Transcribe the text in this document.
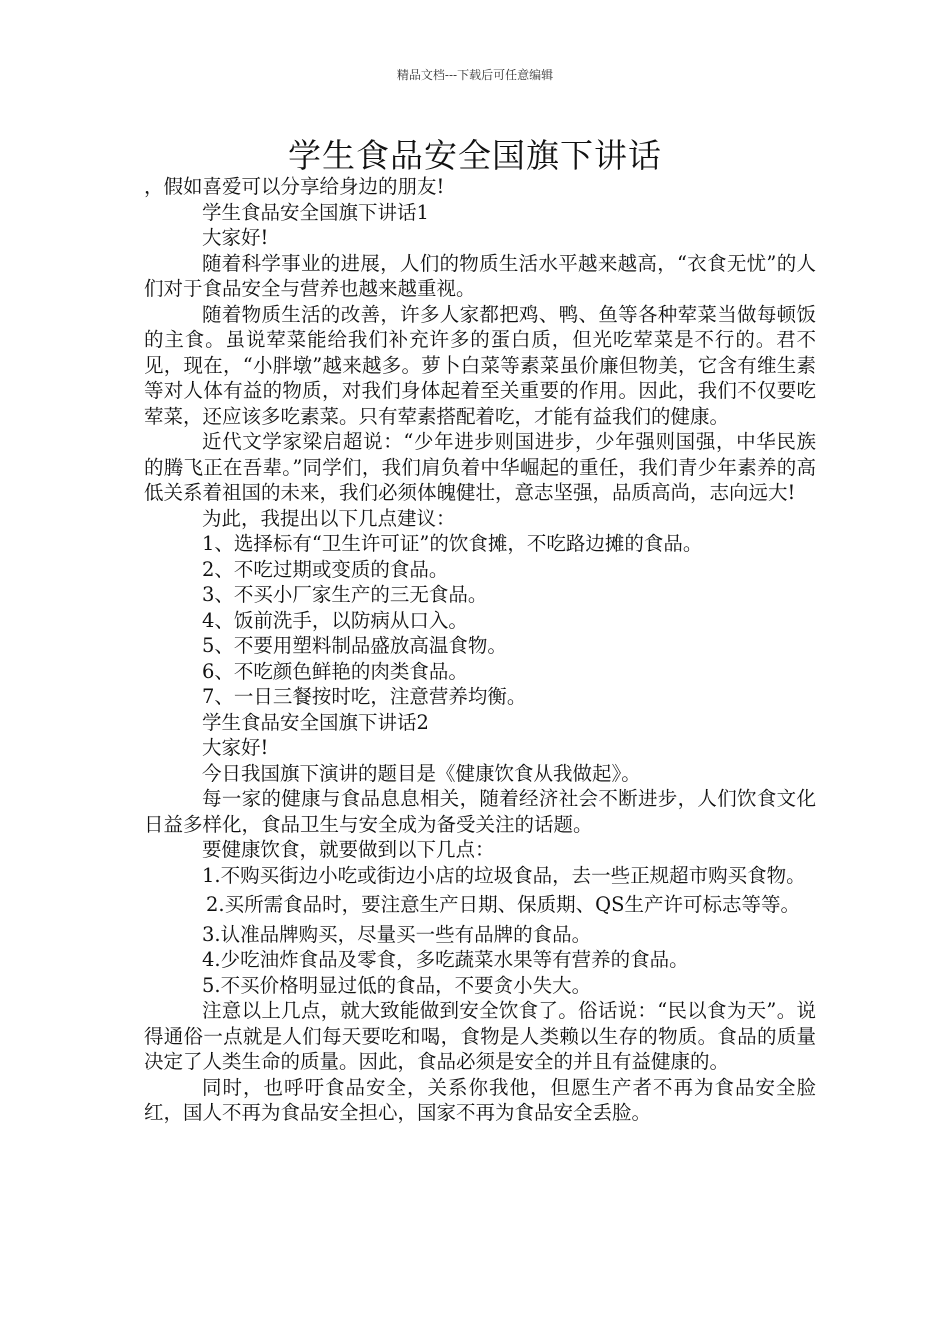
精品文档---下载后可任意编辑
学生食品安全国旗下讲话

，假如喜爱可以分享给身边的朋友!

学生食品安全国旗下讲话1

大家好!

随着科学事业的进展，人们的物质生活水平越来越高，“衣食无忧”的人们对于食品安全与营养也越来越重视。

随着物质生活的改善，许多人家都把鸡、鸭、鱼等各种荤菜当做每顿饭的主食。虽说荤菜能给我们补充许多的蛋白质，但光吃荤菜是不行的。君不见，现在，“小胖墩”越来越多。萝卜白菜等素菜虽价廉但物美，它含有维生素等对人体有益的物质，对我们身体起着至关重要的作用。因此，我们不仅要吃荤菜，还应该多吃素菜。只有荤素搭配着吃，才能有益我们的健康。

近代文学家梁启超说：“少年进步则国进步，少年强则国强，中华民族的腾飞正在吾辈。”同学们，我们肩负着中华崛起的重任，我们青少年素养的高低关系着祖国的未来，我们必须体魄健壮，意志坚强，品质高尚，志向远大!

为此，我提出以下几点建议：

1、选择标有“卫生许可证”的饮食摊，不吃路边摊的食品。

2、不吃过期或变质的食品。

3、不买小厂家生产的三无食品。

4、饭前洗手，以防病从口入。

5、不要用塑料制品盛放高温食物。

6、不吃颜色鲜艳的肉类食品。

7、一日三餐按时吃，注意营养均衡。

学生食品安全国旗下讲话2

大家好!

今日我国旗下演讲的题目是《健康饮食从我做起》。

每一家的健康与食品息息相关，随着经济社会不断进步，人们饮食文化日益多样化，食品卫生与安全成为备受关注的话题。

要健康饮食，就要做到以下几点：

1.不购买街边小吃或街边小店的垃圾食品，去一些正规超市购买食物。

2.买所需食品时，要注意生产日期、保质期、QS生产许可标志等等。

3.认准品牌购买，尽量买一些有品牌的食品。

4.少吃油炸食品及零食，多吃蔬菜水果等有营养的食品。

5.不买价格明显过低的食品，不要贪小失大。

注意以上几点，就大致能做到安全饮食了。俗话说：“民以食为天”。说得通俗一点就是人们每天要吃和喝，食物是人类赖以生存的物质。食品的质量决定了人类生命的质量。因此，食品必须是安全的并且有益健康的。

同时，也呼吁食品安全，关系你我他，但愿生产者不再为食品安全脸红，国人不再为食品安全担心，国家不再为食品安全丢脸。
